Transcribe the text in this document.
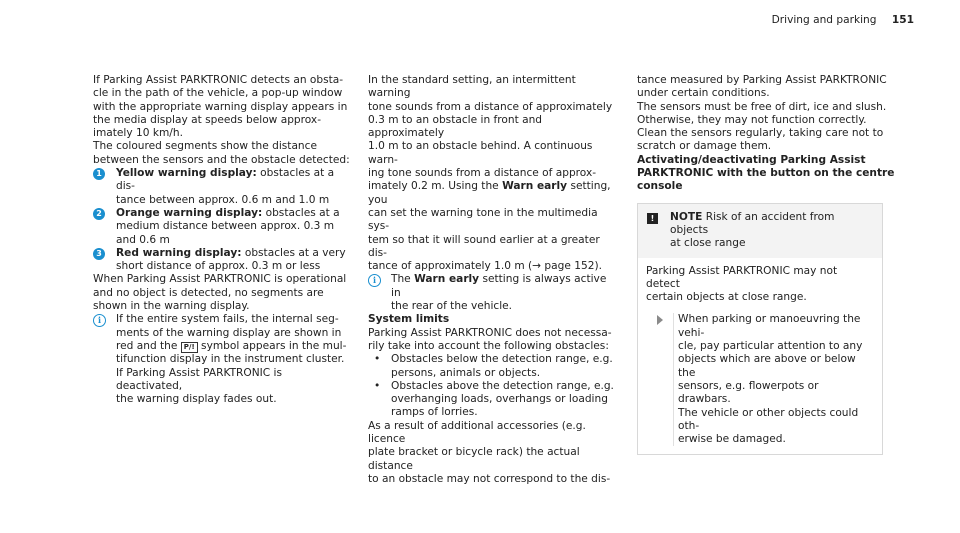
Driving and parking 151

If Parking Assist PARKTRONIC detects an obsta-
cle in the path of the vehicle, a pop-up window
with the appropriate warning display appears in
the media display at speeds below approx-
imately 10 km/h.

The coloured segments show the distance
between the sensors and the obstacle detected:

1	Yellow warning display: obstacles at a dis-
tance between approx. 0.6 m and 1.0 m
2	Orange warning display: obstacles at a
medium distance between approx. 0.3 m
and 0.6 m
3	Red warning display: obstacles at a very
short distance of approx. 0.3 m or less

When Parking Assist PARKTRONIC is operational
and no object is detected, no segments are
shown in the warning display.

i	If the entire system fails, the internal seg-
ments of the warning display are shown in
red and the P/! symbol appears in the mul-
tifunction display in the instrument cluster.
If Parking Assist PARKTRONIC is deactivated,
the warning display fades out.

In the standard setting, an intermittent warning
tone sounds from a distance of approximately
0.3 m to an obstacle in front and approximately
1.0 m to an obstacle behind. A continuous warn-
ing tone sounds from a distance of approx-
imately 0.2 m. Using the Warn early setting, you
can set the warning tone in the multimedia sys-
tem so that it will sound earlier at a greater dis-
tance of approximately 1.0 m (→ page 152).

i	The Warn early setting is always active in
the rear of the vehicle.
System limits

Parking Assist PARKTRONIC does not necessa-
rily take into account the following obstacles:

• Obstacles below the detection range, e.g.
persons, animals or objects.
• Obstacles above the detection range, e.g.
overhanging loads, overhangs or loading
ramps of lorries.

As a result of additional accessories (e.g. licence
plate bracket or bicycle rack) the actual distance
to an obstacle may not correspond to the dis-

tance measured by Parking Assist PARKTRONIC
under certain conditions.

The sensors must be free of dirt, ice and slush.
Otherwise, they may not function correctly.
Clean the sensors regularly, taking care not to
scratch or damage them.

Activating/deactivating Parking Assist
PARKTRONIC with the button on the centre
console
!	NOTE Risk of an accident from objects
at close range

Parking Assist PARKTRONIC may not detect
certain objects at close range.

When parking or manoeuvring the vehi-
cle, pay particular attention to any
objects which are above or below the
sensors, e.g. flowerpots or drawbars.
The vehicle or other objects could oth-
erwise be damaged.
